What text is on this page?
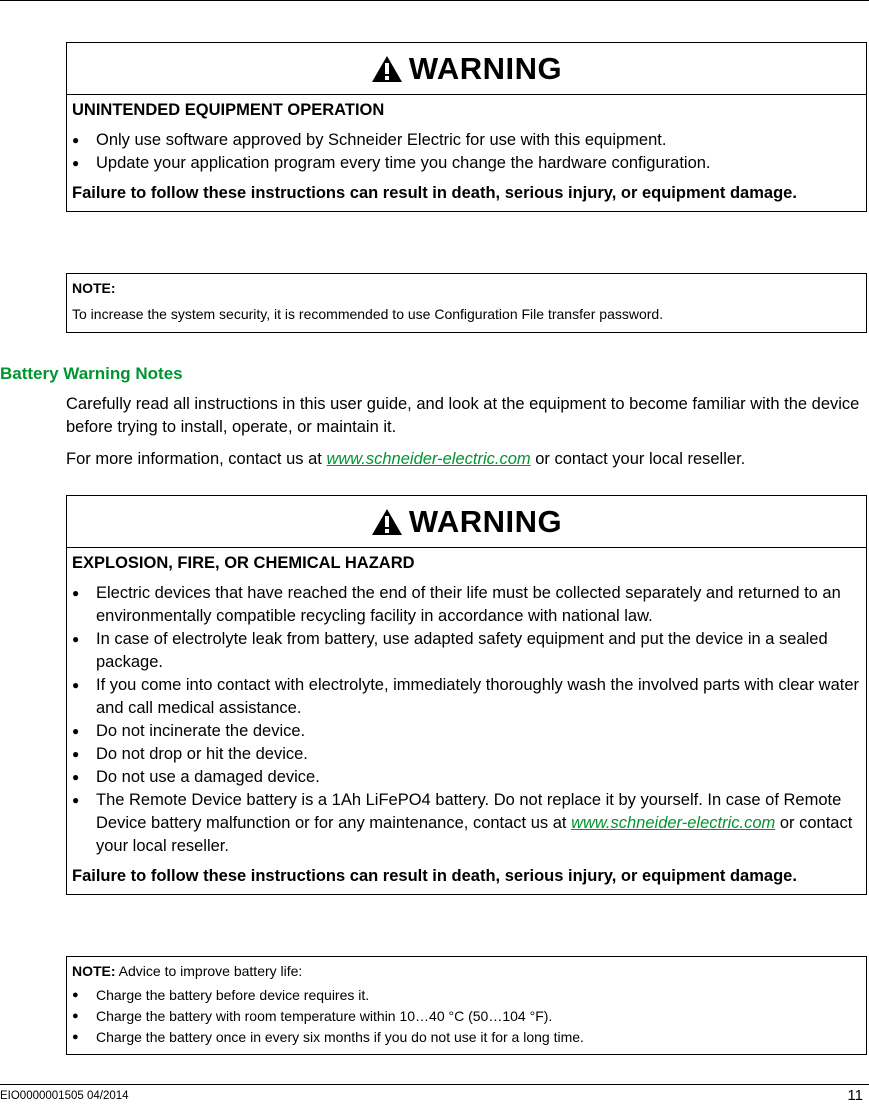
WARNING
UNINTENDED EQUIPMENT OPERATION
● Only use software approved by Schneider Electric for use with this equipment.
● Update your application program every time you change the hardware configuration.
Failure to follow these instructions can result in death, serious injury, or equipment damage.
NOTE:
To increase the system security, it is recommended to use Configuration File transfer password.
Battery Warning Notes
Carefully read all instructions in this user guide, and look at the equipment to become familiar with the device before trying to install, operate, or maintain it.
For more information, contact us at www.schneider-electric.com or contact your local reseller.
WARNING
EXPLOSION, FIRE, OR CHEMICAL HAZARD
● Electric devices that have reached the end of their life must be collected separately and returned to an environmentally compatible recycling facility in accordance with national law.
● In case of electrolyte leak from battery, use adapted safety equipment and put the device in a sealed package.
● If you come into contact with electrolyte, immediately thoroughly wash the involved parts with clear water and call medical assistance.
● Do not incinerate the device.
● Do not drop or hit the device.
● Do not use a damaged device.
● The Remote Device battery is a 1Ah LiFePO4 battery. Do not replace it by yourself. In case of Remote Device battery malfunction or for any maintenance, contact us at www.schneider-electric.com or contact your local reseller.
Failure to follow these instructions can result in death, serious injury, or equipment damage.
NOTE: Advice to improve battery life:
● Charge the battery before device requires it.
● Charge the battery with room temperature within 10…40 °C (50…104 °F).
● Charge the battery once in every six months if you do not use it for a long time.
EIO0000001505 04/2014	11
